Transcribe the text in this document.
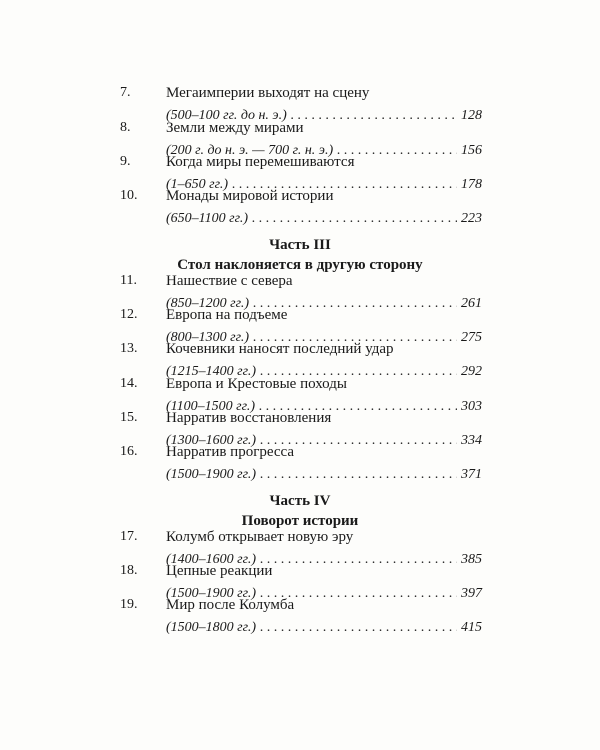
7.	Мегаимперии выходят на сцену
(500–100 гг. до н. э.) . . .	128
8.	Земли между мирами
(200 г. до н. э. — 700 г. н. э.) . . .	156
9.	Когда миры перемешиваются
(1–650 гг.) . . .	178
10.	Монады мировой истории
(650–1100 гг.) . . .	223
Часть III
Стол наклоняется в другую сторону
11.	Нашествие с севера
(850–1200 гг.) . . .	261
12.	Европа на подъеме
(800–1300 гг.) . . .	275
13.	Кочевники наносят последний удар
(1215–1400 гг.) . . .	292
14.	Европа и Крестовые походы
(1100–1500 гг.) . . .	303
15.	Нарратив восстановления
(1300–1600 гг.) . . .	334
16.	Нарратив прогресса
(1500–1900 гг.) . . .	371
Часть IV
Поворот истории
17.	Колумб открывает новую эру
(1400–1600 гг.) . . .	385
18.	Цепные реакции
(1500–1900 гг.) . . .	397
19.	Мир после Колумба
(1500–1800 гг.) . . .	415
